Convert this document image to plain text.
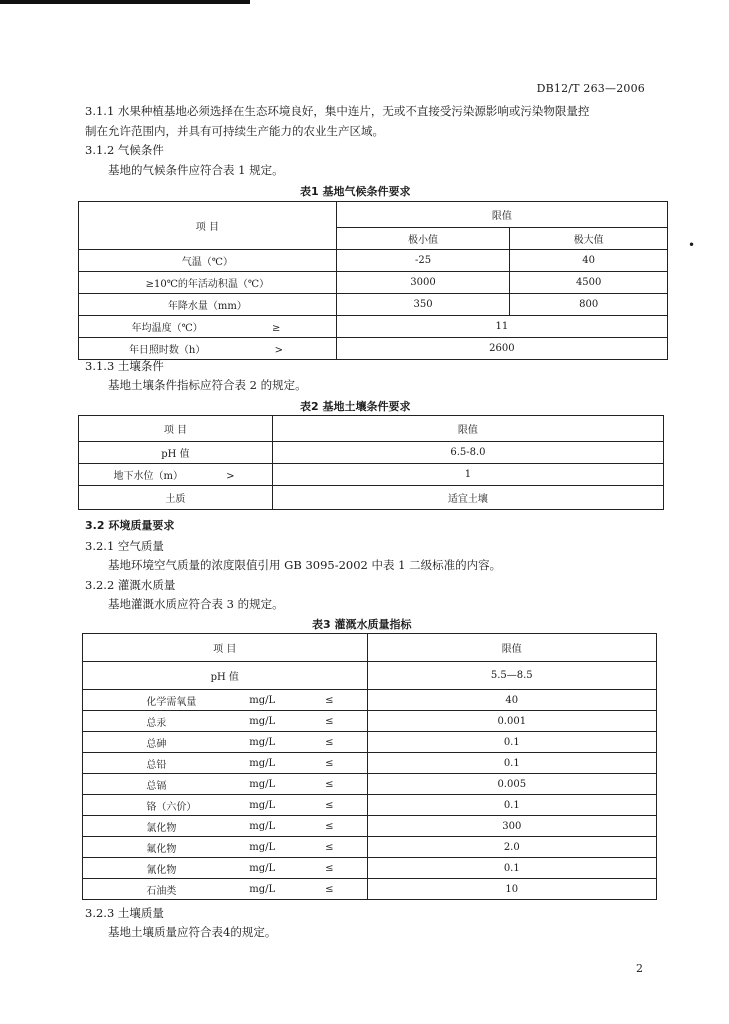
DB12/T 263—2006
3.1.1 水果种植基地必须选择在生态环境良好，集中连片，无或不直接受污染源影响或污染物限量控
制在允许范围内，并具有可持续生产能力的农业生产区域。
3.1.2 气候条件
基地的气候条件应符合表 1 规定。
表1 基地气候条件要求
项 目	限值	
	极小值	极大值
气温（℃）	-25	40
≥10℃的年活动积温（℃）	3000	4500
年降水量（mm）	350	800
年均温度（℃） ≥	11	
年日照时数（h） >	2600	
•
3.1.3 土壤条件
基地土壤条件指标应符合表 2 的规定。
表2 基地土壤条件要求
项 目	限值
pH 值	6.5-8.0
地下水位（m） >	1
土质	适宜土壤
3.2 环境质量要求
3.2.1 空气质量
基地环境空气质量的浓度限值引用 GB 3095-2002 中表 1 二级标准的内容。
3.2.2 灌溉水质量
基地灌溉水质应符合表 3 的规定。
表3 灌溉水质量指标
项 目				限值
pH 值				5.5—8.5
	化学需氧量	mg/L	≤	40
	总汞	mg/L	≤	0.001
	总砷	mg/L	≤	0.1
	总铅	mg/L	≤	0.1
	总镉	mg/L	≤	0.005
	铬（六价）	mg/L	≤	0.1
	氯化物	mg/L	≤	300
	氟化物	mg/L	≤	2.0
	氰化物	mg/L	≤	0.1
	石油类	mg/L	≤	10
3.2.3 土壤质量
基地土壤质量应符合表4的规定。
2
